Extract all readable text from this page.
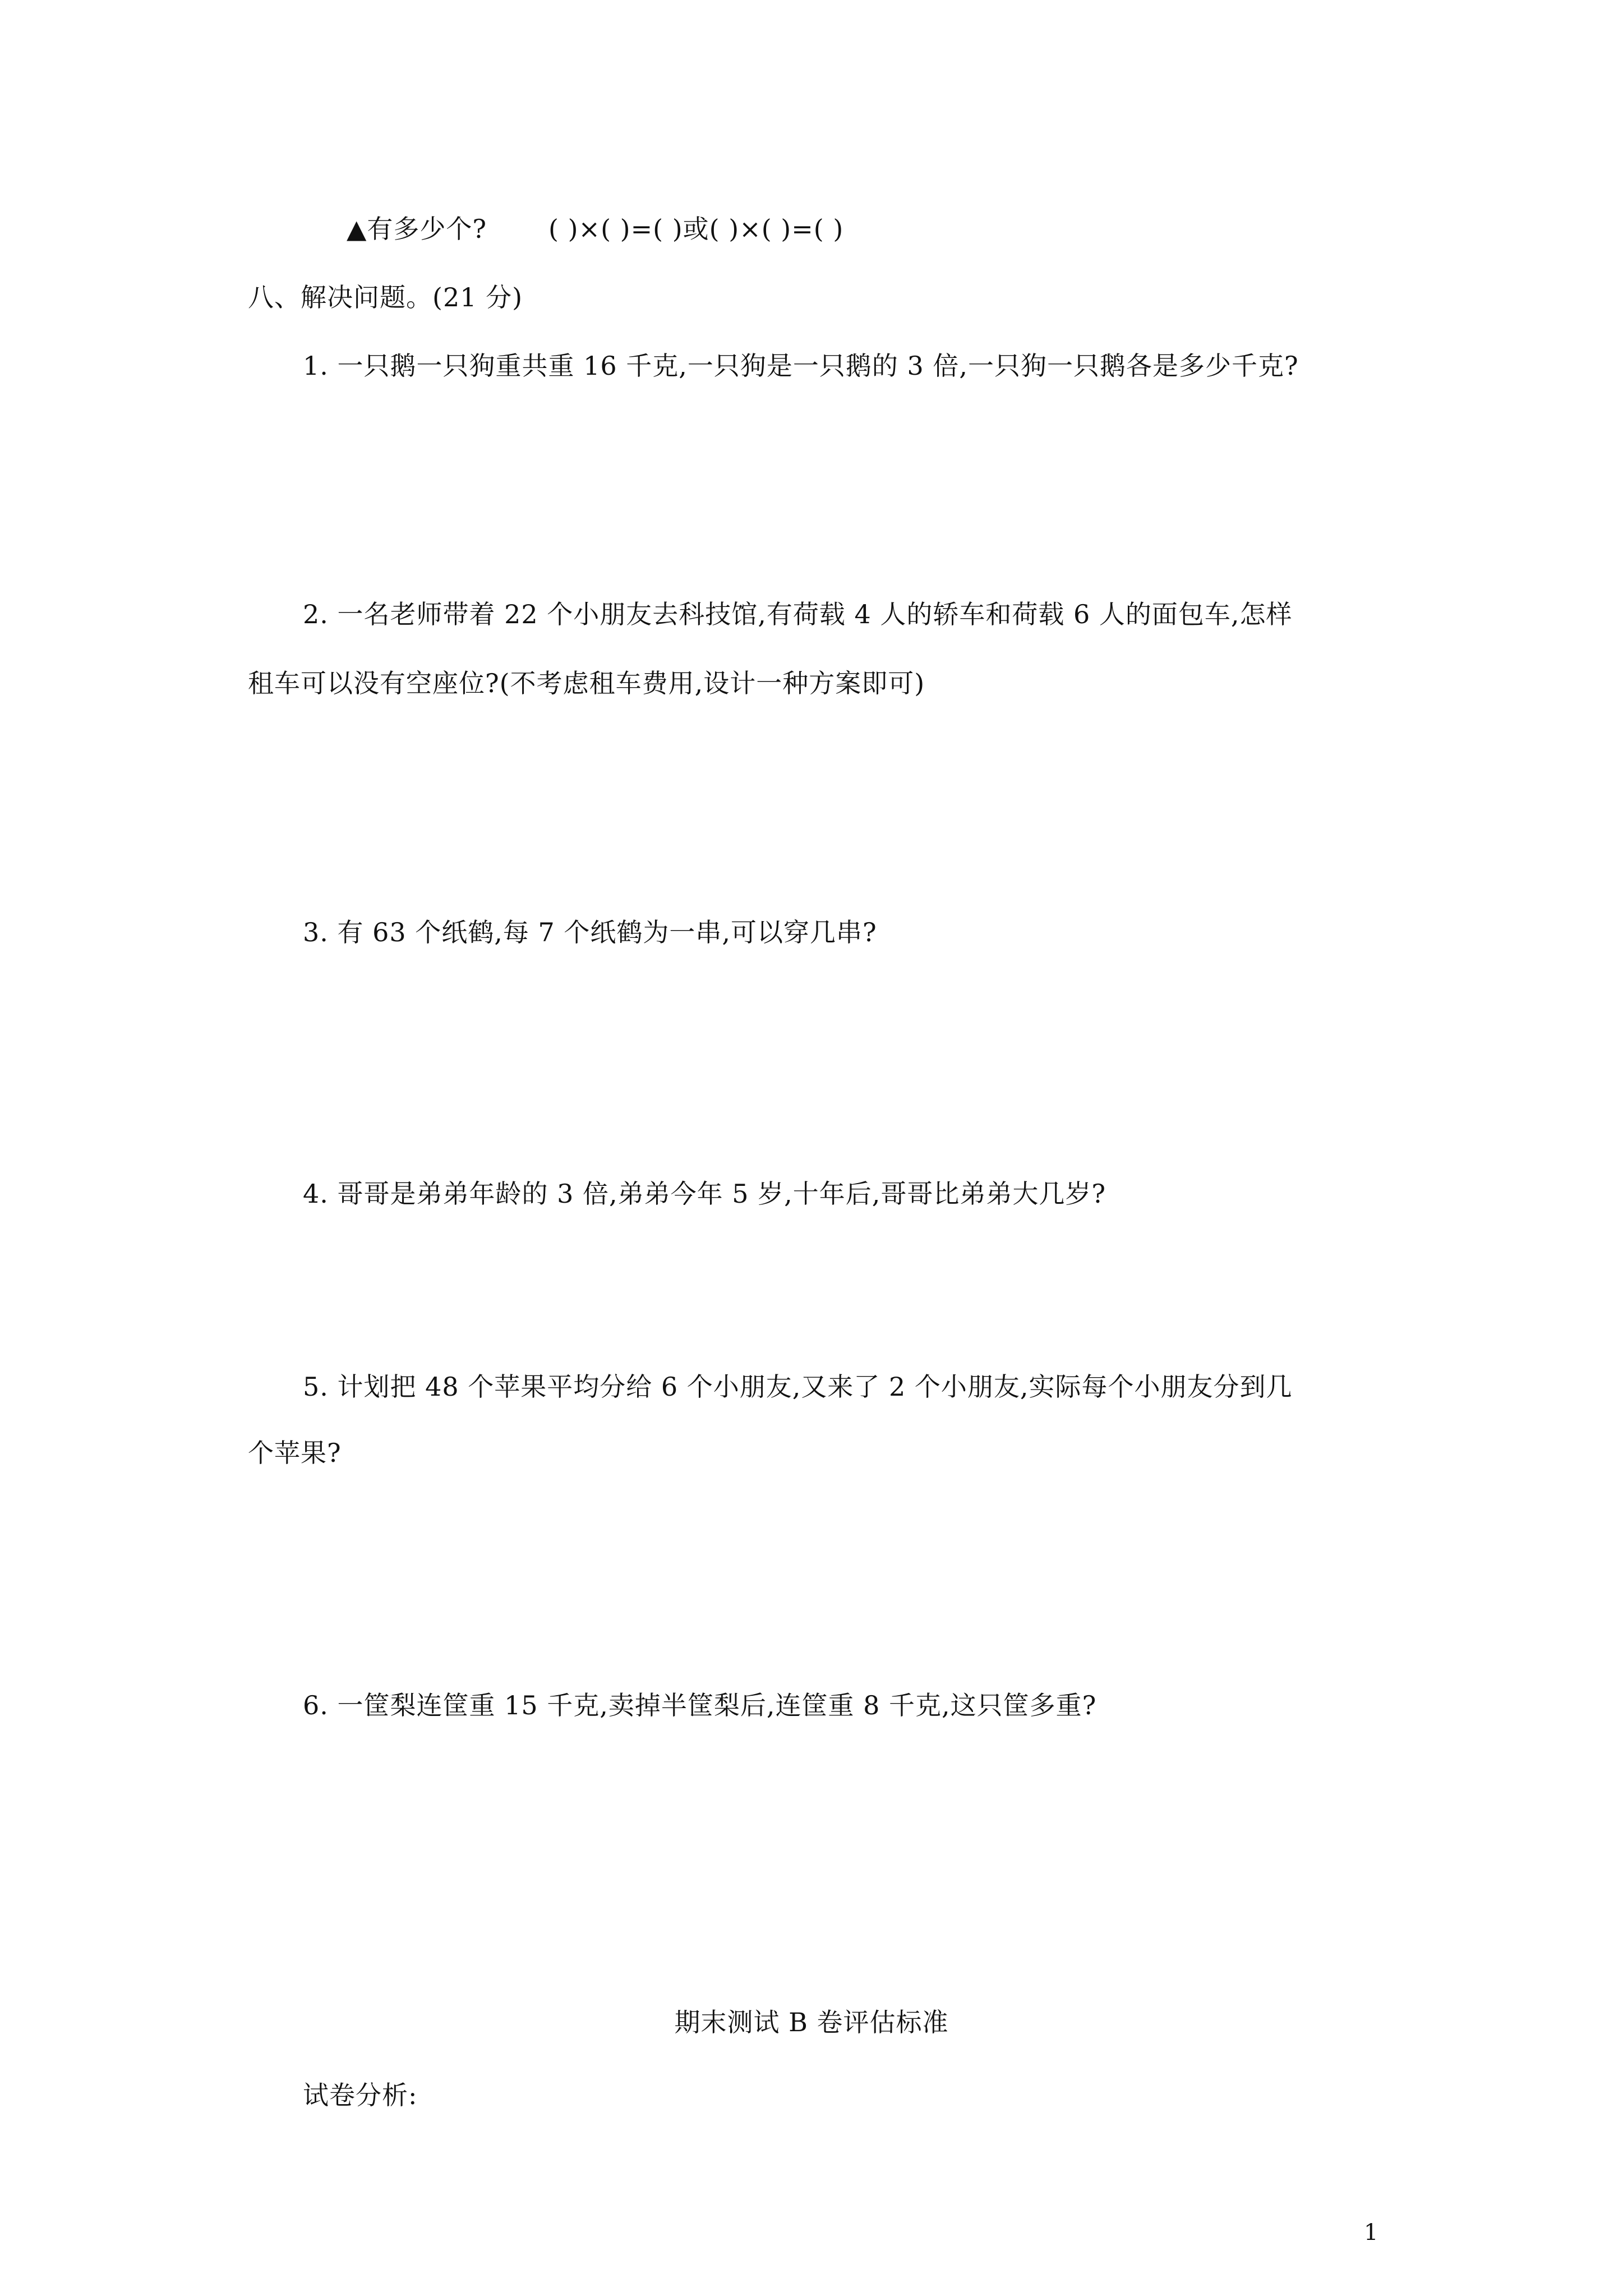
▲有多少个? ( )×( )=( )或( )×( )=( )
八、解决问题。(21 分)
1. 一只鹅一只狗重共重 16 千克,一只狗是一只鹅的 3 倍,一只狗一只鹅各是多少千克?
2. 一名老师带着 22 个小朋友去科技馆,有荷载 4 人的轿车和荷载 6 人的面包车,怎样
租车可以没有空座位?(不考虑租车费用,设计一种方案即可)
3. 有 63 个纸鹤,每 7 个纸鹤为一串,可以穿几串?
4. 哥哥是弟弟年龄的 3 倍,弟弟今年 5 岁,十年后,哥哥比弟弟大几岁?
5. 计划把 48 个苹果平均分给 6 个小朋友,又来了 2 个小朋友,实际每个小朋友分到几
个苹果?
6. 一筐梨连筐重 15 千克,卖掉半筐梨后,连筐重 8 千克,这只筐多重?
期末测试 B 卷评估标准
试卷分析:
1
